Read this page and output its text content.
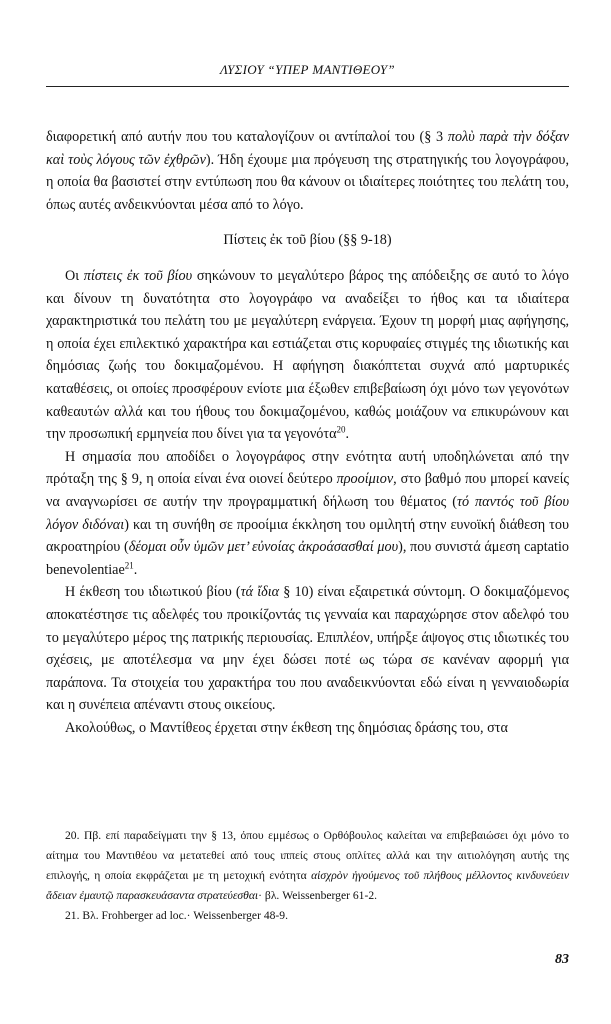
ΛΥΣΙΟΥ “ΥΠΕΡ ΜΑΝΤΙΘΕΟΥ”

διαφορετική από αυτήν που του καταλογίζουν οι αντίπαλοί του (§ 3 πολὺ παρὰ τὴν δόξαν καὶ τοὺς λόγους τῶν ἐχθρῶν). Ήδη έχουμε μια πρόγευση της στρατηγικής του λογογράφου, η οποία θα βασιστεί στην εντύπωση που θα κάνουν οι ιδιαίτερες ποιότητες του πελάτη του, όπως αυτές ανδεικνύονται μέσα από το λόγο.

Πίστεις ἐκ τοῦ βίου (§§ 9-18)

Οι πίστεις ἐκ τοῦ βίου σηκώνουν το μεγαλύτερο βάρος της απόδειξης σε αυτό το λόγο και δίνουν τη δυνατότητα στο λογογράφο να αναδείξει το ήθος και τα ιδιαίτερα χαρακτηριστικά του πελάτη του με μεγαλύτερη ενάργεια. Έχουν τη μορφή μιας αφήγησης, η οποία έχει επιλεκτικό χαρακτήρα και εστιάζεται στις κορυφαίες στιγμές της ιδιωτικής και δημόσιας ζωής του δοκιμαζομένου. Η αφήγηση διακόπτεται συχνά από μαρτυρικές καταθέσεις, οι οποίες προσφέρουν ενίοτε μια έξωθεν επιβεβαίωση όχι μόνο των γεγονότων καθεαυτών αλλά και του ήθους του δοκιμαζομένου, καθώς μοιάζουν να επικυρώνουν και την προσωπική ερμηνεία που δίνει για τα γεγονότα$^{20}$.

Η σημασία που αποδίδει ο λογογράφος στην ενότητα αυτή υποδηλώνεται από την πρόταξη της § 9, η οποία είναι ένα οιονεί δεύτερο προοίμιον, στο βαθμό που μπορεί κανείς να αναγνωρίσει σε αυτήν την προγραμματική δήλωση του θέματος (τό παντός τοῦ βίου λόγον διδόναι) και τη συνήθη σε προοίμια έκκληση του ομιλητή στην ευνοϊκή διάθεση του ακροατηρίου (δέομαι οὖν ὑμῶν μετ’ εὐνοίας ἀκροάσασθαί μου), που συνιστά άμεση captatio benevolentiae$^{21}$.

Η έκθεση του ιδιωτικού βίου (τά ἴδια § 10) είναι εξαιρετικά σύντομη. Ο δοκιμαζόμενος αποκατέστησε τις αδελφές του προικίζοντάς τις γενναία και παραχώρησε στον αδελφό του το μεγαλύτερο μέρος της πατρικής περιουσίας. Επιπλέον, υπήρξε άψογος στις ιδιωτικές του σχέσεις, με αποτέλεσμα να μην έχει δώσει ποτέ ως τώρα σε κανέναν αφορμή για παράπονα. Τα στοιχεία του χαρακτήρα του που αναδεικνύονται εδώ είναι η γενναιοδωρία και η συνέπεια απέναντι στους οικείους.

Ακολούθως, ο Μαντίθεος έρχεται στην έκθεση της δημόσιας δράσης του, στα

20. Πβ. επί παραδείγματι την § 13, όπου εμμέσως ο Ορθόβουλος καλείται να επιβεβαιώσει όχι μόνο το αίτημα του Μαντιθέου να μετατεθεί από τους ιππείς στους οπλίτες αλλά και την αιτιολόγηση αυτής της επιλογής, η οποία εκφράζεται με τη μετοχική ενότητα αἰσχρὸν ἡγούμενος τοῦ πλήθους μέλλοντος κινδυνεύειν ἄδειαν ἐμαυτῷ παρασκευάσαντα στρατεύεσθαι· βλ. Weissenberger 61-2.

21. Βλ. Frohberger ad loc.· Weissenberger 48-9.

83
